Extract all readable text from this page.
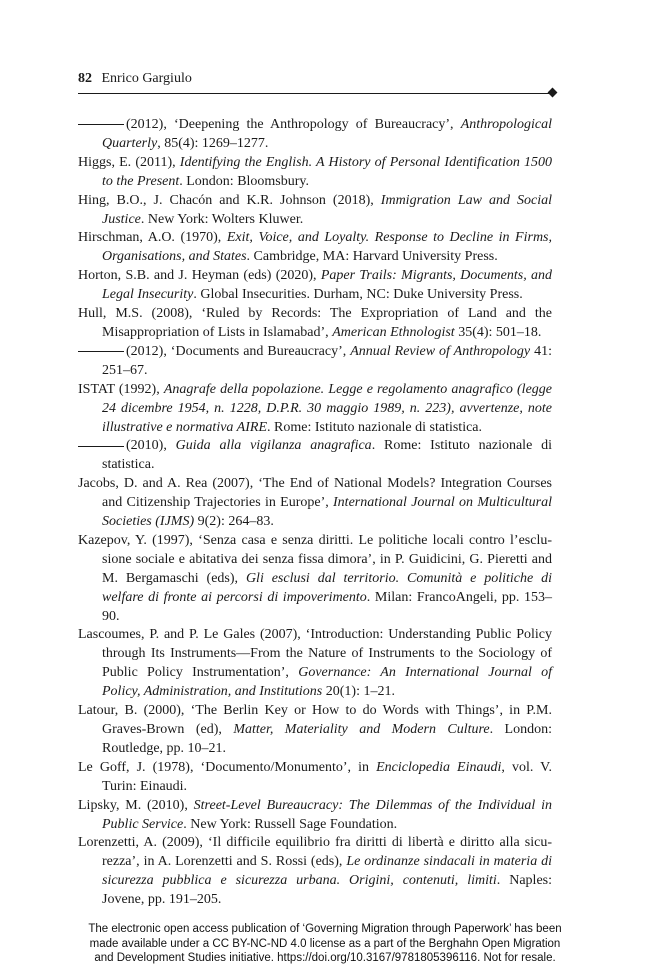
82 Enrico Gargiulo

(2012), ‘Deepening the Anthropology of Bureaucracy’, Anthropological Quarterly, 85(4): 1269–1277.

Higgs, E. (2011), Identifying the English. A History of Personal Identification 1500 to the Present. London: Bloomsbury.

Hing, B.O., J. Chacón and K.R. Johnson (2018), Immigration Law and Social Justice. New York: Wolters Kluwer.

Hirschman, A.O. (1970), Exit, Voice, and Loyalty. Response to Decline in Firms, Organisations, and States. Cambridge, MA: Harvard University Press.

Horton, S.B. and J. Heyman (eds) (2020), Paper Trails: Migrants, Documents, and Legal Insecurity. Global Insecurities. Durham, NC: Duke University Press.

Hull, M.S. (2008), ‘Ruled by Records: The Expropriation of Land and the Misappropriation of Lists in Islamabad’, American Ethnologist 35(4): 501–18.

(2012), ‘Documents and Bureaucracy’, Annual Review of Anthropology 41: 251–67.

ISTAT (1992), Anagrafe della popolazione. Legge e regolamento anagrafico (legge 24 dicembre 1954, n. 1228, D.P.R. 30 maggio 1989, n. 223), avvertenze, note illustrative e normativa AIRE. Rome: Istituto nazionale di statistica.

(2010), Guida alla vigilanza anagrafica. Rome: Istituto nazionale di statistica.

Jacobs, D. and A. Rea (2007), ‘The End of National Models? Integration Courses and Citizenship Trajectories in Europe’, International Journal on Multicultural Societies (IJMS) 9(2): 264–83.

Kazepov, Y. (1997), ‘Senza casa e senza diritti. Le politiche locali contro l’esclu-sione sociale e abitativa dei senza fissa dimora’, in P. Guidicini, G. Pieretti and M. Bergamaschi (eds), Gli esclusi dal territorio. Comunità e politiche di welfare di fronte ai percorsi di impoverimento. Milan: FrancoAngeli, pp. 153–90.

Lascoumes, P. and P. Le Gales (2007), ‘Introduction: Understanding Public Policy through Its Instruments—From the Nature of Instruments to the Sociology of Public Policy Instrumentation’, Governance: An International Journal of Policy, Administration, and Institutions 20(1): 1–21.

Latour, B. (2000), ‘The Berlin Key or How to do Words with Things’, in P.M. Graves-Brown (ed), Matter, Materiality and Modern Culture. London: Routledge, pp. 10–21.

Le Goff, J. (1978), ‘Documento/Monumento’, in Enciclopedia Einaudi, vol. V. Turin: Einaudi.

Lipsky, M. (2010), Street-Level Bureaucracy: The Dilemmas of the Individual in Public Service. New York: Russell Sage Foundation.

Lorenzetti, A. (2009), ‘Il difficile equilibrio fra diritti di libertà e diritto alla sicu-rezza’, in A. Lorenzetti and S. Rossi (eds), Le ordinanze sindacali in materia di sicurezza pubblica e sicurezza urbana. Origini, contenuti, limiti. Naples: Jovene, pp. 191–205.

The electronic open access publication of ‘Governing Migration through Paperwork’ has been
made available under a CC BY-NC-ND 4.0 license as a part of the Berghahn Open Migration
and Development Studies initiative. https://doi.org/10.3167/9781805396116. Not for resale.
